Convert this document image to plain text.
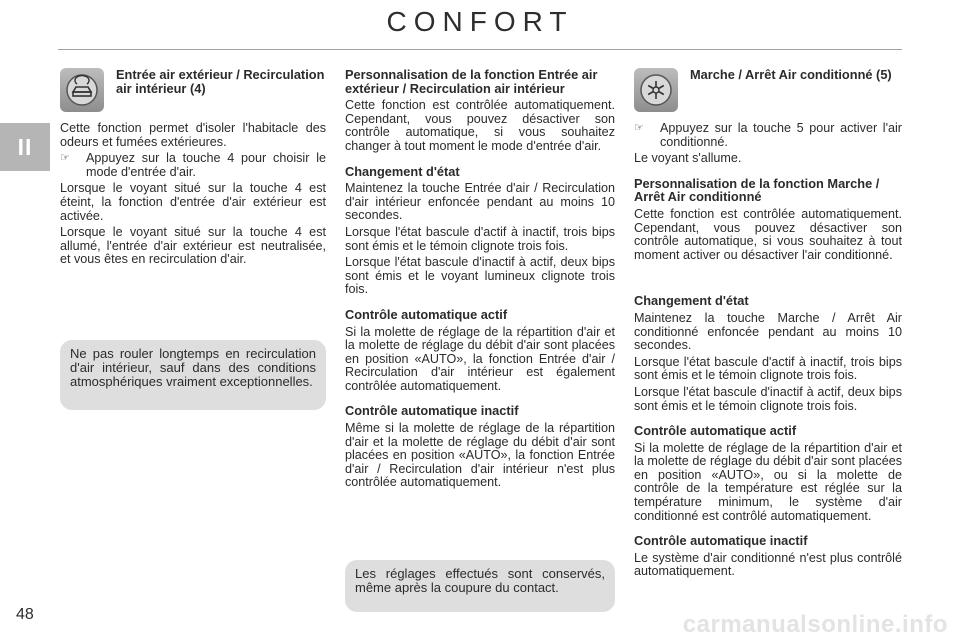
CONFORT
II
Entrée air extérieur / Recirculation air intérieur (4)

Cette fonction permet d'isoler l'habitacle des odeurs et fumées extérieures.

☞	Appuyez sur la touche 4 pour choisir le mode d'entrée d'air.

Lorsque le voyant situé sur la touche 4 est éteint, la fonction d'entrée d'air extérieur est activée.

Lorsque le voyant situé sur la touche 4 est allumé, l'entrée d'air extérieur est neutralisée, et vous êtes en recirculation d'air.

Ne pas rouler longtemps en recirculation d'air intérieur, sauf dans des conditions atmosphériques vraiment exceptionnelles.
Personnalisation de la fonction Entrée air extérieur / Recirculation air intérieur

Cette fonction est contrôlée automatiquement. Cependant, vous pouvez désactiver son contrôle automatique, si vous souhaitez changer à tout moment le mode d'entrée d'air.

Changement d'état

Maintenez la touche Entrée d'air / Recirculation d'air intérieur enfoncée pendant au moins 10 secondes.

Lorsque l'état bascule d'actif à inactif, trois bips sont émis et le témoin clignote trois fois.

Lorsque l'état bascule d'inactif à actif, deux bips sont émis et le voyant lumineux clignote trois fois.

Contrôle automatique actif

Si la molette de réglage de la répartition d'air et la molette de réglage du débit d'air sont placées en position «AUTO», la fonction Entrée d'air / Recirculation d'air intérieur est également contrôlée automatiquement.

Contrôle automatique inactif

Même si la molette de réglage de la répartition d'air et la molette de réglage du débit d'air sont placées en position «AUTO», la fonction Entrée d'air / Recirculation d'air intérieur n'est plus contrôlée automatiquement.

Les réglages effectués sont conservés, même après la coupure du contact.
Marche / Arrêt Air conditionné (5)
☞	Appuyez sur la touche 5 pour activer l'air conditionné.

Le voyant s'allume.

Personnalisation de la fonction Marche / Arrêt Air conditionné

Cette fonction est contrôlée automatiquement. Cependant, vous pouvez désactiver son contrôle automatique, si vous souhaitez à tout moment activer ou désactiver l'air conditionné.

Changement d'état

Maintenez la touche Marche / Arrêt Air conditionné enfoncée pendant au moins 10 secondes.

Lorsque l'état bascule d'actif à inactif, trois bips sont émis et le témoin clignote trois fois.

Lorsque l'état bascule d'inactif à actif, deux bips sont émis et le témoin clignote trois fois.

Contrôle automatique actif

Si la molette de réglage de la répartition d'air et la molette de réglage du débit d'air sont placées en position «AUTO», ou si la molette de contrôle de la température est réglée sur la température minimum, le système d'air conditionné est contrôlé automatiquement.

Contrôle automatique inactif

Le système d'air conditionné n'est plus contrôlé automatiquement.

48	carmanualsonline.info
